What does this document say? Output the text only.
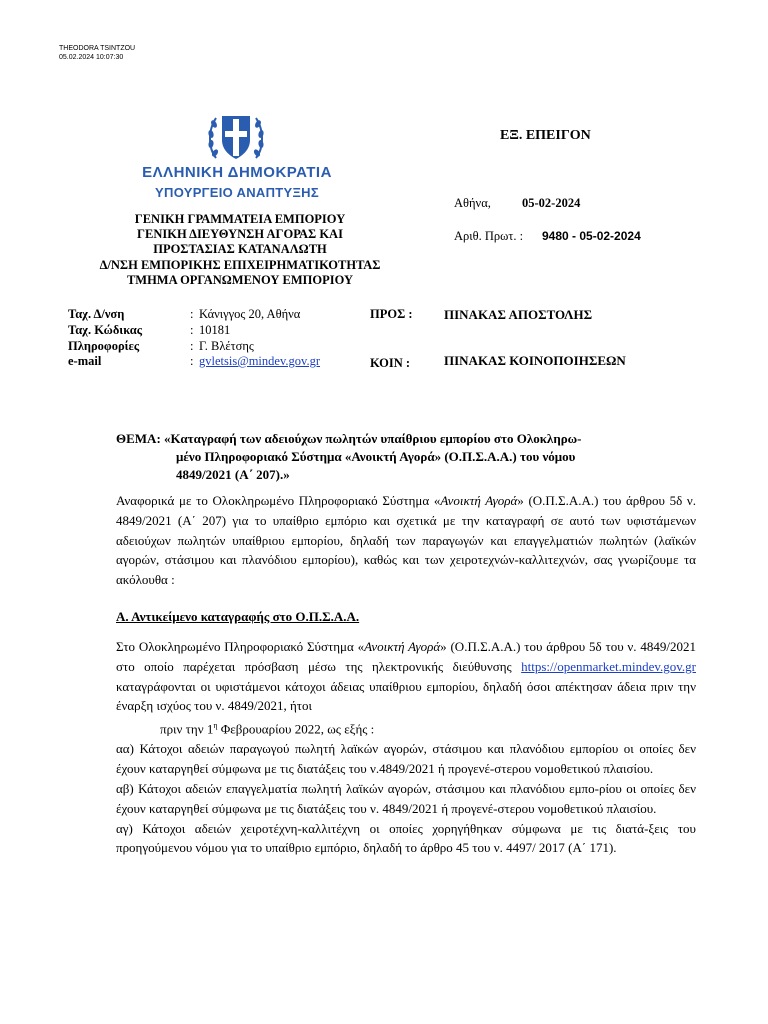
THEODORA TSINTZOU
05.02.2024 10:07:30
ΕΛΛΗΝΙΚΗ ΔΗΜΟΚΡΑΤΙΑ
ΥΠΟΥΡΓΕΙΟ ΑΝΑΠΤΥΞΗΣ
ΓΕΝΙΚΗ ΓΡΑΜΜΑΤΕΙΑ ΕΜΠΟΡΙΟΥ
ΓΕΝΙΚΗ ΔΙΕΥΘΥΝΣΗ ΑΓΟΡΑΣ ΚΑΙ
ΠΡΟΣΤΑΣΙΑΣ ΚΑΤΑΝΑΛΩΤΗ
Δ/ΝΣΗ ΕΜΠΟΡΙΚΗΣ ΕΠΙΧΕΙΡΗΜΑΤΙΚΟΤΗΤΑΣ
ΤΜΗΜΑ ΟΡΓΑΝΩΜΕΝΟΥ ΕΜΠΟΡΙΟΥ
ΕΞ. ΕΠΕΙΓΟΝ
Αθήνα, 05-02-2024
Αριθ. Πρωτ. : 9480 - 05-02-2024
Ταχ. Δ/νση	: Κάνιγγος 20, Αθήνα
Ταχ. Κώδικας	: 10181
Πληροφορίες	: Γ. Βλέτσης
e-mail	: gvletsis@mindev.gov.gr
ΠΡΟΣ : ΠΙΝΑΚΑΣ ΑΠΟΣΤΟΛΗΣ
ΚΟΙΝ :	ΠΙΝΑΚΑΣ ΚΟΙΝΟΠΟΙΗΣΕΩΝ
ΘΕΜΑ: «Καταγραφή των αδειούχων πωλητών υπαίθριου εμπορίου στο Ολοκληρω-
μένο Πληροφοριακό Σύστημα «Ανοικτή Αγορά» (Ο.Π.Σ.Α.Α.) του νόμου
4849/2021 (Α΄ 207).»
Αναφορικά με το Ολοκληρωμένο Πληροφοριακό Σύστημα «Ανοικτή Αγορά» (Ο.Π.Σ.Α.Α.) του άρθρου 5δ ν. 4849/2021 (Α΄ 207) για το υπαίθριο εμπόριο και σχετικά με την καταγραφή σε αυτό των υφιστάμενων αδειούχων πωλητών υπαίθριου εμπορίου, δηλαδή των παραγωγών και επαγγελματιών πωλητών (λαϊκών αγορών, στάσιμου και πλανόδιου εμπορίου), καθώς και των χειροτεχνών-καλλιτεχνών, σας γνωρίζουμε τα ακόλουθα :
Α. Αντικείμενο καταγραφής στο Ο.Π.Σ.Α.Α.
Στο Ολοκληρωμένο Πληροφοριακό Σύστημα «Ανοικτή Αγορά» (Ο.Π.Σ.Α.Α.) του άρθρου 5δ του ν. 4849/2021 στο οποίο παρέχεται πρόσβαση μέσω της ηλεκτρονικής διεύθυνσης https://openmarket.mindev.gov.gr καταγράφονται οι υφιστάμενοι κάτοχοι άδειας υπαίθριου εμπορίου, δηλαδή όσοι απέκτησαν άδεια πριν την έναρξη ισχύος του ν. 4849/2021, ήτοι
πριν την $1^\eta$ Φεβρουαρίου 2022, ως εξής :
αα) Κάτοχοι αδειών παραγωγού πωλητή λαϊκών αγορών, στάσιμου και πλανόδιου εμπορίου οι οποίες δεν έχουν καταργηθεί σύμφωνα με τις διατάξεις του ν.4849/2021 ή προγενέ-στερου νομοθετικού πλαισίου.
αβ) Κάτοχοι αδειών επαγγελματία πωλητή λαϊκών αγορών, στάσιμου και πλανόδιου εμπο-ρίου οι οποίες δεν έχουν καταργηθεί σύμφωνα με τις διατάξεις του ν. 4849/2021 ή προγενέ-στερου νομοθετικού πλαισίου.
αγ) Κάτοχοι αδειών χειροτέχνη-καλλιτέχνη οι οποίες χορηγήθηκαν σύμφωνα με τις διατά-ξεις του προηγούμενου νόμου για το υπαίθριο εμπόριο, δηλαδή το άρθρο 45 του ν. 4497/ 2017 (Α΄ 171).
